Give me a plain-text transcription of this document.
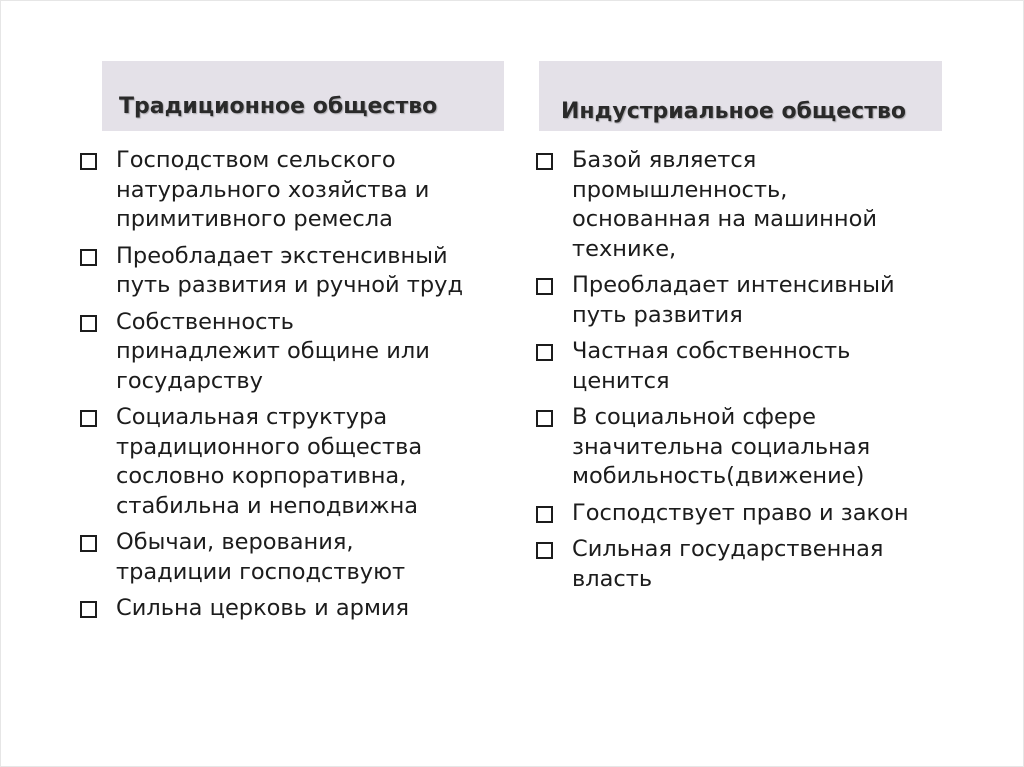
Традиционное общество	Индустриальное общество
Господством сельского
натурального хозяйства и
примитивного ремесла
Преобладает экстенсивный
путь развития и ручной труд
Собственность
принадлежит общине или
государству
Социальная структура
традиционного общества
сословно корпоративна,
стабильна и неподвижна
Обычаи, верования,
традиции господствуют
Сильна церковь и армия
Базой является
промышленность,
основанная на машинной
технике,
Преобладает интенсивный
путь развития
Частная собственность
ценится
В социальной сфере
значительна социальная
мобильность(движение)
Господствует право и закон
Сильная государственная
власть
